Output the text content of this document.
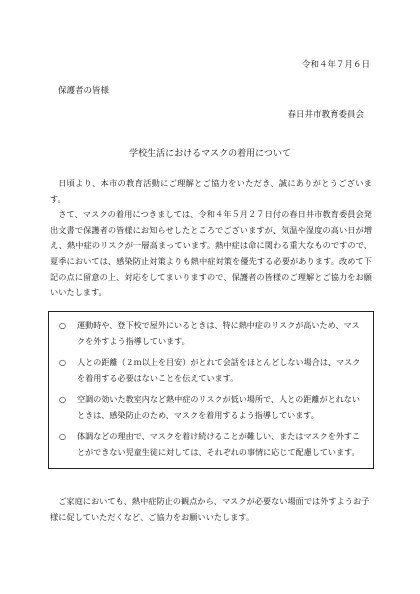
令和４年７月６日
保護者の皆様
春日井市教育委員会
学校生活におけるマスクの着用について

日頃より、本市の教育活動にご理解とご協力をいただき、誠にありがとうございます。

さて、マスクの着用につきましては、令和４年５月２７日付の春日井市教育委員会発出文書で保護者の皆様にお知らせしたところでございますが、気温や湿度の高い日が増え、熱中症のリスクが一層高まっています。熱中症は命に関わる重大なものですので、夏季においては、感染防止対策よりも熱中症対策を優先する必要があります。改めて下記の点に留意の上、対応をしてまいりますので、保護者の皆様のご理解とご協力をお願いいたします。

○	運動時や、登下校で屋外にいるときは、特に熱中症のリスクが高いため、マスクを外すよう指導しています。
○	人との距離（２ｍ以上を目安）がとれて会話をほとんどしない場合は、マスクを着用する必要はないことを伝えています。
○	空調の効いた教室内など熱中症のリスクが低い場所で、人との距離がとれないときは、感染防止のため、マスクを着用するよう指導しています。
○	体調などの理由で、マスクを着け続けることが難しい、またはマスクを外すことができない児童生徒に対しては、それぞれの事情に応じて配慮しています。
ご家庭においても、熱中症防止の観点から、マスクが必要ない場面では外すようお子様に促していただくなど、ご協力をお願いいたします。
